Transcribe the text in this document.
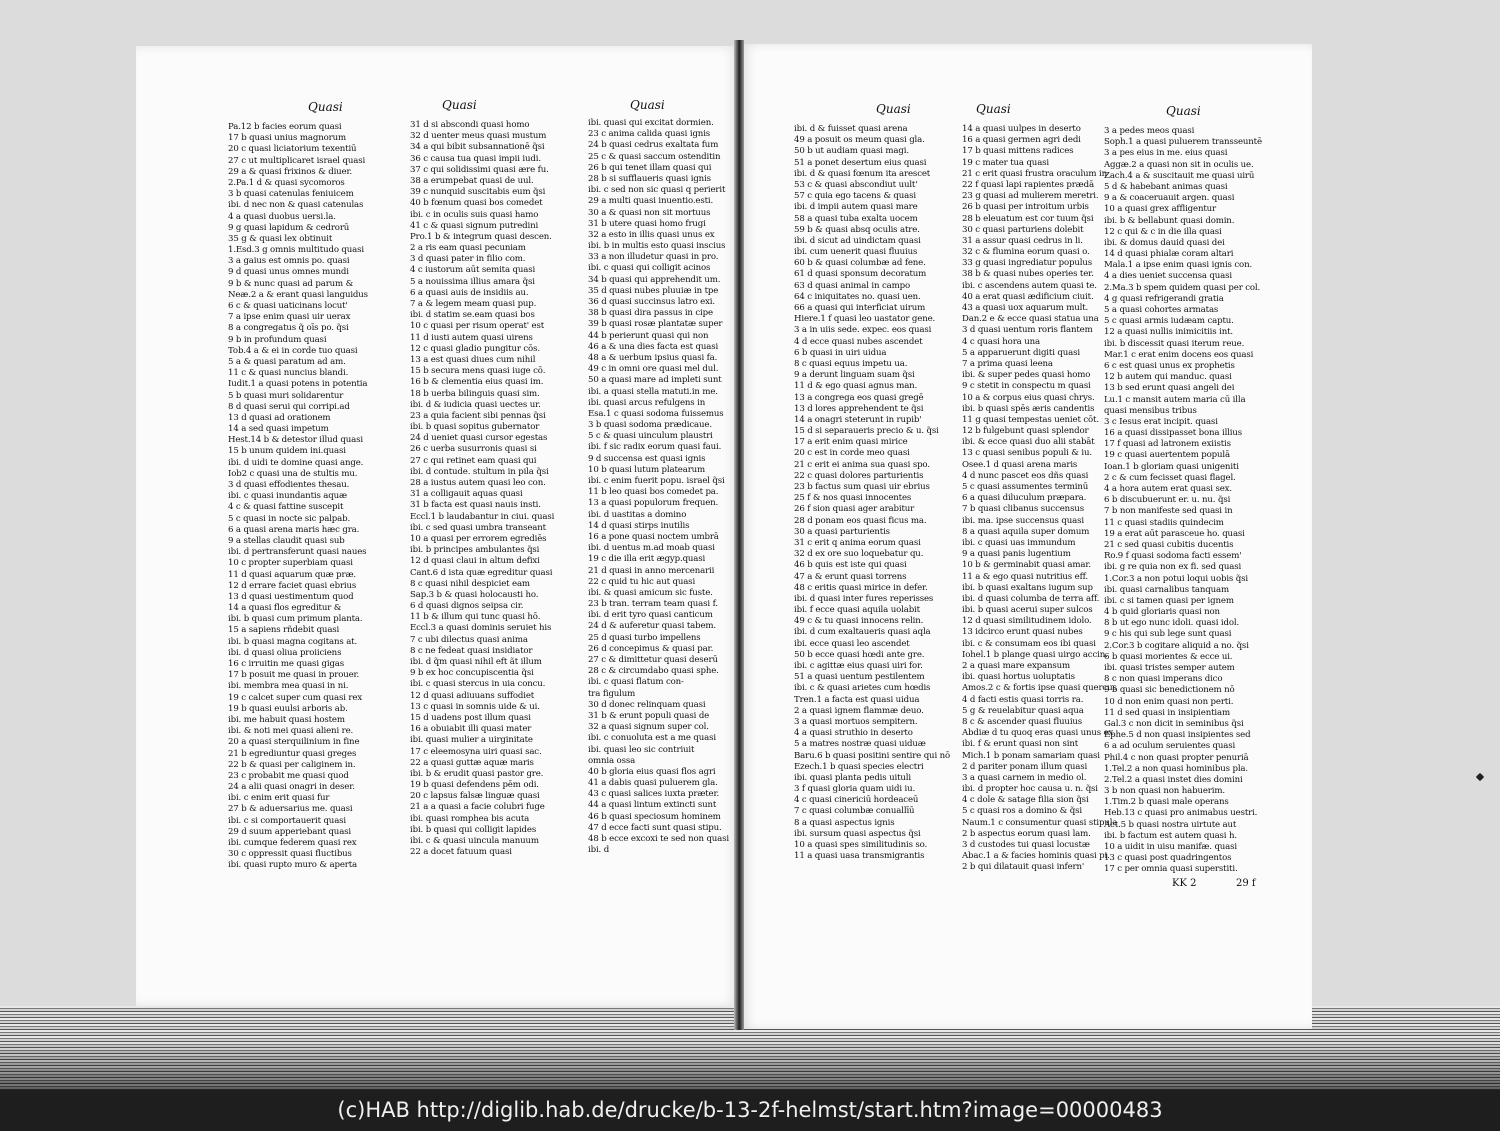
Quasi	Quasi	Quasi
Pa.12 b facies eorum quasi
17 b quasi unius magnorum
20 c quasi liciatorium texentiū
27 c ut multiplicaret israel quasi
29 a & quasi frixinos & diuer.
2.Pa.1 d & quasi sycomoros
3 b quasi catenulas feniuicem
ibi. d nec non & quasi catenulas
4 a quasi duobus uersi.la.
9 g quasi lapidum & cedrorū
35 g & quasi lex obtinuit
1.Esd.3 g omnis multitudo quasi
3 a gaius est omnis po. quasi
9 d quasi unus omnes mundi
9 b & nunc quasi ad parum &
Neæ.2 a & erant quasi languidus
6 c & quasi uaticinans locut'
7 a ipse enim quasi uir uerax
8 a congregatus q̃ oīs po. q̃si
9 b in profundum quasi
Tob.4 a & ei in corde tuo quasi
5 a & quasi paratum ad am.
11 c & quasi nuncius blandi.
Iudit.1 a quasi potens in potentia
5 b quasi muri solidarentur
8 d quasi serui qui corripi.ad
13 d quasi ad orationem
14 a sed quasi impetum
Hest.14 b & detestor illud quasi
15 b unum quidem ini.quasi
ibi. d uidi te domine quasi ange.
Iob2 c quasi una de stultis mu.
3 d quasi effodientes thesau.
ibi. c quasi inundantis aquæ
4 c & quasi fattine suscepit
5 c quasi in nocte sic palpab.
6 a quasi arena maris hæc gra.
9 a stellas claudit quasi sub
ibi. d pertransferunt quasi naues
10 c propter superbiam quasi
11 d quasi aquarum quæ præ.
12 d errare faciet quasi ebrius
13 d quasi uestimentum quod
14 a quasi flos egreditur &
ibi. b quasi cum primum planta.
15 a sapiens rñdebit quasi
ibi. b quasi magna cogitans at.
ibi. d quasi oliua proiiciens
16 c irruitin me quasi gigas
17 b posuit me quasi in prouer.
ibi. membra mea quasi in ni.
19 c calcet super cum quasi rex
19 b quasi euulsi arboris ab.
ibi. me habuit quasi hostem
ibi. & noti mei quasi alieni re.
20 a quasi sterquilinium in fine
21 b egrediuntur quasi greges
22 b & quasi per caliginem in.
23 c probabit me quasi quod
24 a alii quasi onagri in deser.
ibi. c enim erit quasi fur
27 b & aduersarius me. quasi
ibi. c si comportauerit quasi
29 d suum apperiebant quasi
ibi. cumque federem quasi rex
30 c oppressit quasi fluctibus
ibi. quasi rupto muro & aperta
31 d si abscondi quasi homo
32 d uenter meus quasi mustum
34 a qui bibit subsannationē q̃si
36 c causa tua quasi impii iudi.
37 c qui solidissimi quasi ære fu.
38 a erumpebat quasi de uul.
39 c nunquid suscitabis eum q̃si
40 b fœnum quasi bos comedet
ibi. c in oculis suis quasi hamo
41 c & quasi signum putredini
Pro.1 b & integrum quasi descen.
2 a ris eam quasi pecuniam
3 d quasi pater in filio com.
4 c iustorum aūt semita quasi
5 a nouissima illius amara q̃si
6 a quasi auis de insidiis au.
7 a & legem meam quasi pup.
ibi. d statim se.eam quasi bos
10 c quasi per risum operat' est
11 d iusti autem quasi uirens
12 c quasi gladio pungitur cōs.
13 a est quasi diues cum nihil
15 b secura mens quasi iuge cō.
16 b & clementia eius quasi im.
18 b uerba bilinguis quasi sim.
ibi. d & iudicia quasi uectes ur.
23 a quia facient sibi pennas q̃si
ibi. b quasi sopitus gubernator
24 d ueniet quasi cursor egestas
26 c uerba susurronis quasi si
27 c qui retinet eam quasi qui
ibi. d contude. stultum in pila q̃si
28 a iustus autem quasi leo con.
31 a colligauit aquas quasi
31 b facta est quasi nauis insti.
Eccl.1 b laudabantur in ciui. quasi
ibi. c sed quasi umbra transeant
10 a quasi per errorem egrediēs
ibi. b principes ambulantes q̃si
12 d quasi claui in altum defixi
Cant.6 d ista quæ egreditur quasi
8 c quasi nihil despiciet eam
Sap.3 b & quasi holocausti ho.
6 d quasi dignos seipsa cir.
11 b & illum qui tunc quasi hō.
Eccl.3 a quasi dominis seruiet his
7 c ubi dilectus quasi anima
8 c ne fedeat quasi insidiator
ibi. d q̃m quasi nihil eft ãt illum
9 b ex hoc concupiscentia q̃si
ibi. c quasi stercus in uia concu.
12 d quasi adiuuans suffodiet
13 c quasi in somnis uide & ui.
15 d uadens post illum quasi
16 a obuiabit illi quasi mater
ibi. quasi mulier a uirginitate
17 c eleemosyna uiri quasi sac.
22 a quasi guttæ aquæ maris
ibi. b & erudit quasi pastor gre.
19 b quasi defendens pēm odi.
20 c lapsus falsæ linguæ quasi
21 a a quasi a facie colubri fuge
ibi. quasi romphea bis acuta
ibi. b quasi qui colligit lapides
ibi. c & quasi uincula manuum
22 a docet fatuum quasi
ibi. quasi qui excitat dormien.
23 c anima calida quasi ignis
24 b quasi cedrus exaltata fum
25 c & quasi saccum ostenditin
26 b qui tenet illam quasi qui
28 b si sufflaueris quasi ignis
ibi. c sed non sic quasi q perierit
29 a multi quasi inuentio.esti.
30 a & quasi non sit mortuus
31 b utere quasi homo frugi
32 a esto in illis quasi unus ex
ibi. b in multis esto quasi inscius
33 a non illudetur quasi in pro.
ibi. c quasi qui colligit acinos
34 b quasi qui apprehendit um.
35 d quasi nubes pluuiæ in tpe
36 d quasi succinsus latro exi.
38 b quasi dira passus in cipe
39 b quasi rosæ plantatæ super
44 b perierunt quasi qui non
46 a & una dies facta est quasi
48 a & uerbum ipsius quasi fa.
49 c in omni ore quasi mel dul.
50 a quasi mare ad impleti sunt
ibi. a quasi stella matuti.in me.
ibi. quasi arcus refulgens in
Esa.1 c quasi sodoma fuissemus
3 b quasi sodoma prædicaue.
5 c & quasi uinculum plaustri
ibi. f sic radix eorum quasi faui.
9 d succensa est quasi ignis
10 b quasi lutum platearum
ibi. c enim fuerit popu. israel q̃si
11 b leo quasi bos comedet pa.
13 a quasi populorum frequen.
ibi. d uastitas a domino
14 d quasi stirps inutilis
16 a pone quasi noctem umbrā
ibi. d uentus m.ad moab quasi
19 c die illa erit ægyp.quasi
21 d quasi in anno mercenarii
22 c quid tu hic aut quasi
ibi. & quasi amicum sic fuste.
23 b tran. terram team quasi f.
ibi. d erit tyro quasi canticum
24 d & auferetur quasi tabem.
25 d quasi turbo impellens
26 d concepimus & quasi par.
27 c & dimittetur quasi deserū
28 c & circumdabo quasi sphe.
ibi. c quasi flatum con-
tra figulum
30 d donec relinquam quasi
31 b & erunt populi quasi de
32 a quasi signum super col.
ibi. c conuoluta est a me quasi
ibi. quasi leo sic contriuit
omnia ossa
40 b gloria eius quasi flos agri
41 a dabis quasi puluerem gla.
43 c quasi salices iuxta præter.
44 a quasi lintum extincti sunt
46 b quasi speciosum hominem
47 d ecce facti sunt quasi stipu.
48 b ecce excoxi te sed non quasi
ibi. d
Quasi	Quasi	Quasi
ibi. d & fuisset quasi arena
49 a posuit os meum quasi gla.
50 b ut audiam quasi magi.
51 a ponet desertum eius quasi
ibi. d & quasi fœnum ita arescet
53 c & quasi abscondiut uult'
57 c quia ego tacens & quasi
ibi. d impii autem quasi mare
58 a quasi tuba exalta uocem
59 b & quasi absq oculis atre.
ibi. d sicut ad uindictam quasi
ibi. cum uenerit quasi fluuius
60 b & quasi columbæ ad fene.
61 d quasi sponsum decoratum
63 d quasi animal in campo
64 c iniquitates no. quasi uen.
66 a quasi qui interficiat uirum
Hiere.1 f quasi leo uastator gene.
3 a in uiis sede. expec. eos quasi
4 d ecce quasi nubes ascendet
6 b quasi in uiri uidua
8 c quasi equus impetu ua.
9 a derunt linguam suam q̃si
11 d & ego quasi agnus man.
13 a congrega eos quasi gregē
13 d lores apprehendent te q̃si
14 a onagri steterunt in rupib'
15 d si separaueris precio & u. q̃si
17 a erit enim quasi mirice
20 c est in corde meo quasi
21 c erit ei anima sua quasi spo.
22 c quasi dolores parturientis
23 b factus sum quasi uir ebrius
25 f & nos quasi innocentes
26 f sion quasi ager arabitur
28 d ponam eos quasi ficus ma.
30 a quasi parturientis
31 c erit q anima eorum quasi
32 d ex ore suo loquebatur qu.
46 b quis est iste qui quasi
47 a & erunt quasi torrens
48 c eritis quasi mirice in defer.
ibi. d quasi inter fures reperisses
ibi. f ecce quasi aquila uolabit
49 c & tu quasi innocens relin.
ibi. d cum exaltaueris quasi aqla
ibi. ecce quasi leo ascendet
50 b ecce quasi hœdi ante gre.
ibi. c agittæ eius quasi uiri for.
51 a quasi uentum pestilentem
ibi. c & quasi arietes cum hœdis
Tren.1 a facta est quasi uidua
2 a quasi ignem flammæ deuo.
3 a quasi mortuos sempitern.
4 a quasi struthio in deserto
5 a matres nostræ quasi uiduæ
Baru.6 b quasi positini sentire qui nō
Ezech.1 b quasi species electri
ibi. quasi planta pedis uituli
3 f quasi gloria quam uidi iu.
4 c quasi cinericiū hordeaceū
7 c quasi columbæ conuallīū
8 a quasi aspectus ignis
ibi. sursum quasi aspectus q̃si
10 a quasi spes similitudinis so.
11 a quasi uasa transmigrantis
14 a quasi uulpes in deserto
16 a quasi germen agri dedi
17 b quasi mittens radices
19 c mater tua quasi
21 c erit quasi frustra oraculum in
22 f quasi lapi rapientes prædā
23 g quasi ad mulierem meretri.
26 b quasi per introitum urbis
28 b eleuatum est cor tuum q̃si
30 c quasi parturiens dolebit
31 a assur quasi cedrus in li.
32 c & flumina eorum quasi o.
33 g quasi ingrediatur populus
38 b & quasi nubes operies ter.
ibi. c ascendens autem quasi te.
40 a erat quasi ædificium ciuit.
43 a quasi uox aquarum mult.
Dan.2 e & ecce quasi statua una
3 d quasi uentum roris flantem
4 c quasi hora una
5 a apparuerunt digiti quasi
7 a prima quasi leena
ibi. & super pedes quasi homo
9 c stetit in conspectu m quasi
10 a & corpus eius quasi chrys.
ibi. b quasi spēs æris candentis
11 g quasi tempestas ueniet cōt.
12 b fulgebunt quasi splendor
ibi. & ecce quasi duo alii stabāt
13 c quasi senibus populi & iu.
Osee.1 d quasi arena maris
4 d nunc pascet eos dñs quasi
5 c quasi assumentes terminū
6 a quasi diluculum præpara.
7 b quasi clibanus succensus
ibi. ma. ipse succensus quasi
8 a quasi aquila super domum
ibi. c quasi uas immundum
9 a quasi panis lugentium
10 b & germinabit quasi amar.
11 a & ego quasi nutritius eff.
ibi. b quasi exaltans iugum sup
ibi. d quasi columba de terra aff.
ibi. b quasi acerui super sulcos
12 d quasi similitudinem idolo.
13 idcirco erunt quasi nubes
ibi. c & consumam eos ibi quasi
Iohel.1 b plange quasi uirgo accin.
2 a quasi mare expansum
ibi. quasi hortus uoluptatis
Amos.2 c & fortis ipse quasi quercus
4 d facti estis quasi torris ra.
5 g & reuelabitur quasi aqua
8 c & ascender quasi fluuius
Abdiæ d tu quoq eras quasi unus ex
ibi. f & erunt quasi non sint
Mich.1 b ponam samariam quasi
2 d pariter ponam illum quasi
3 a quasi carnem in medio ol.
ibi. d propter hoc causa u. n. q̃si
4 c dole & satage filia sion q̃si
5 c quasi ros a domino & q̃si
Naum.1 c consumentur quasi stipula
2 b aspectus eorum quasi lam.
3 d custodes tui quasi locustæ
Abac.1 a & facies hominis quasi pi.
2 b qui dilatauit quasi infern'
3 a pedes meos quasi
Soph.1 a quasi puluerem transseuntē
3 a pes eius in me. eius quasi
Aggæ.2 a quasi non sit in oculis ue.
Zach.4 a & suscitauit me quasi uirū
5 d & habebant animas quasi
9 a & coaceruauit argen. quasi
10 a quasi grex affligentur
ibi. b & bellabunt quasi domin.
12 c qui & c in die illa quasi
ibi. & domus dauid quasi dei
14 d quasi phialæ coram altari
Mala.1 a ipse enim quasi ignis con.
4 a dies ueniet succensa quasi
2.Ma.3 b spem quidem quasi per col.
4 g quasi refrigerandi gratia
5 a quasi cohortes armatas
5 c quasi armis iudæam captu.
12 a quasi nullis inimicitiis int.
ibi. b discessit quasi iterum reue.
Mar.1 c erat enim docens eos quasi
6 c est quasi unus ex prophetis
12 b autem qui manduc. quasi
13 b sed erunt quasi angeli dei
Lu.1 c mansit autem maria cū illa
quasi mensibus tribus
3 c Iesus erat incipit. quasi
16 a quasi dissipasset bona illius
17 f quasi ad latronem exiistis
19 c quasi auertentem populā
Ioan.1 b gloriam quasi unigeniti
2 c & cum fecisset quasi flagel.
4 a hora autem erat quasi sex.
6 b discubuerunt er. u. nu. q̃si
7 b non manifeste sed quasi in
11 c quasi stadiis quindecim
19 a erat aūt parasceue ho. quasi
21 c sed quasi cubitis ducentis
Ro.9 f quasi sodoma facti essem'
ibi. g re quia non ex fi. sed quasi
1.Cor.3 a non potui loqui uobis q̃si
ibi. quasi carnalibus tanquam
ibi. c si tamen quasi per ignem
4 b quid gloriaris quasi non
8 b ut ego nunc idoli. quasi idol.
9 c his qui sub lege sunt quasi
2.Cor.3 b cogitare aliquid a no. q̃si
6 b quasi morientes & ecce ui.
ibi. quasi tristes semper autem
8 c non quasi imperans dico
9 b quasi sic benedictionem nō
10 d non enim quasi non perti.
11 d sed quasi in insipientiam
Gal.3 c non dicit in seminibus q̃si
Ephe.5 d non quasi insipientes sed
6 a ad oculum seruientes quasi
Phil.4 c non quasi propter penuriā
1.Tel.2 a non quasi hominibus pla.
2.Tel.2 a quasi instet dies domini
3 b non quasi non habuerim.
1.Tim.2 b quasi male operans
Heb.13 c quasi pro animabus uestri.
Act.5 b quasi nostra uirtute aut
ibi. b factum est autem quasi h.
10 a uidit in uisu manifæ. quasi
13 c quasi post quadringentos
17 c per omnia quasi superstiti.
KK 2	29 f
(c)HAB http://diglib.hab.de/drucke/b-13-2f-helmst/start.htm?image=00000483
